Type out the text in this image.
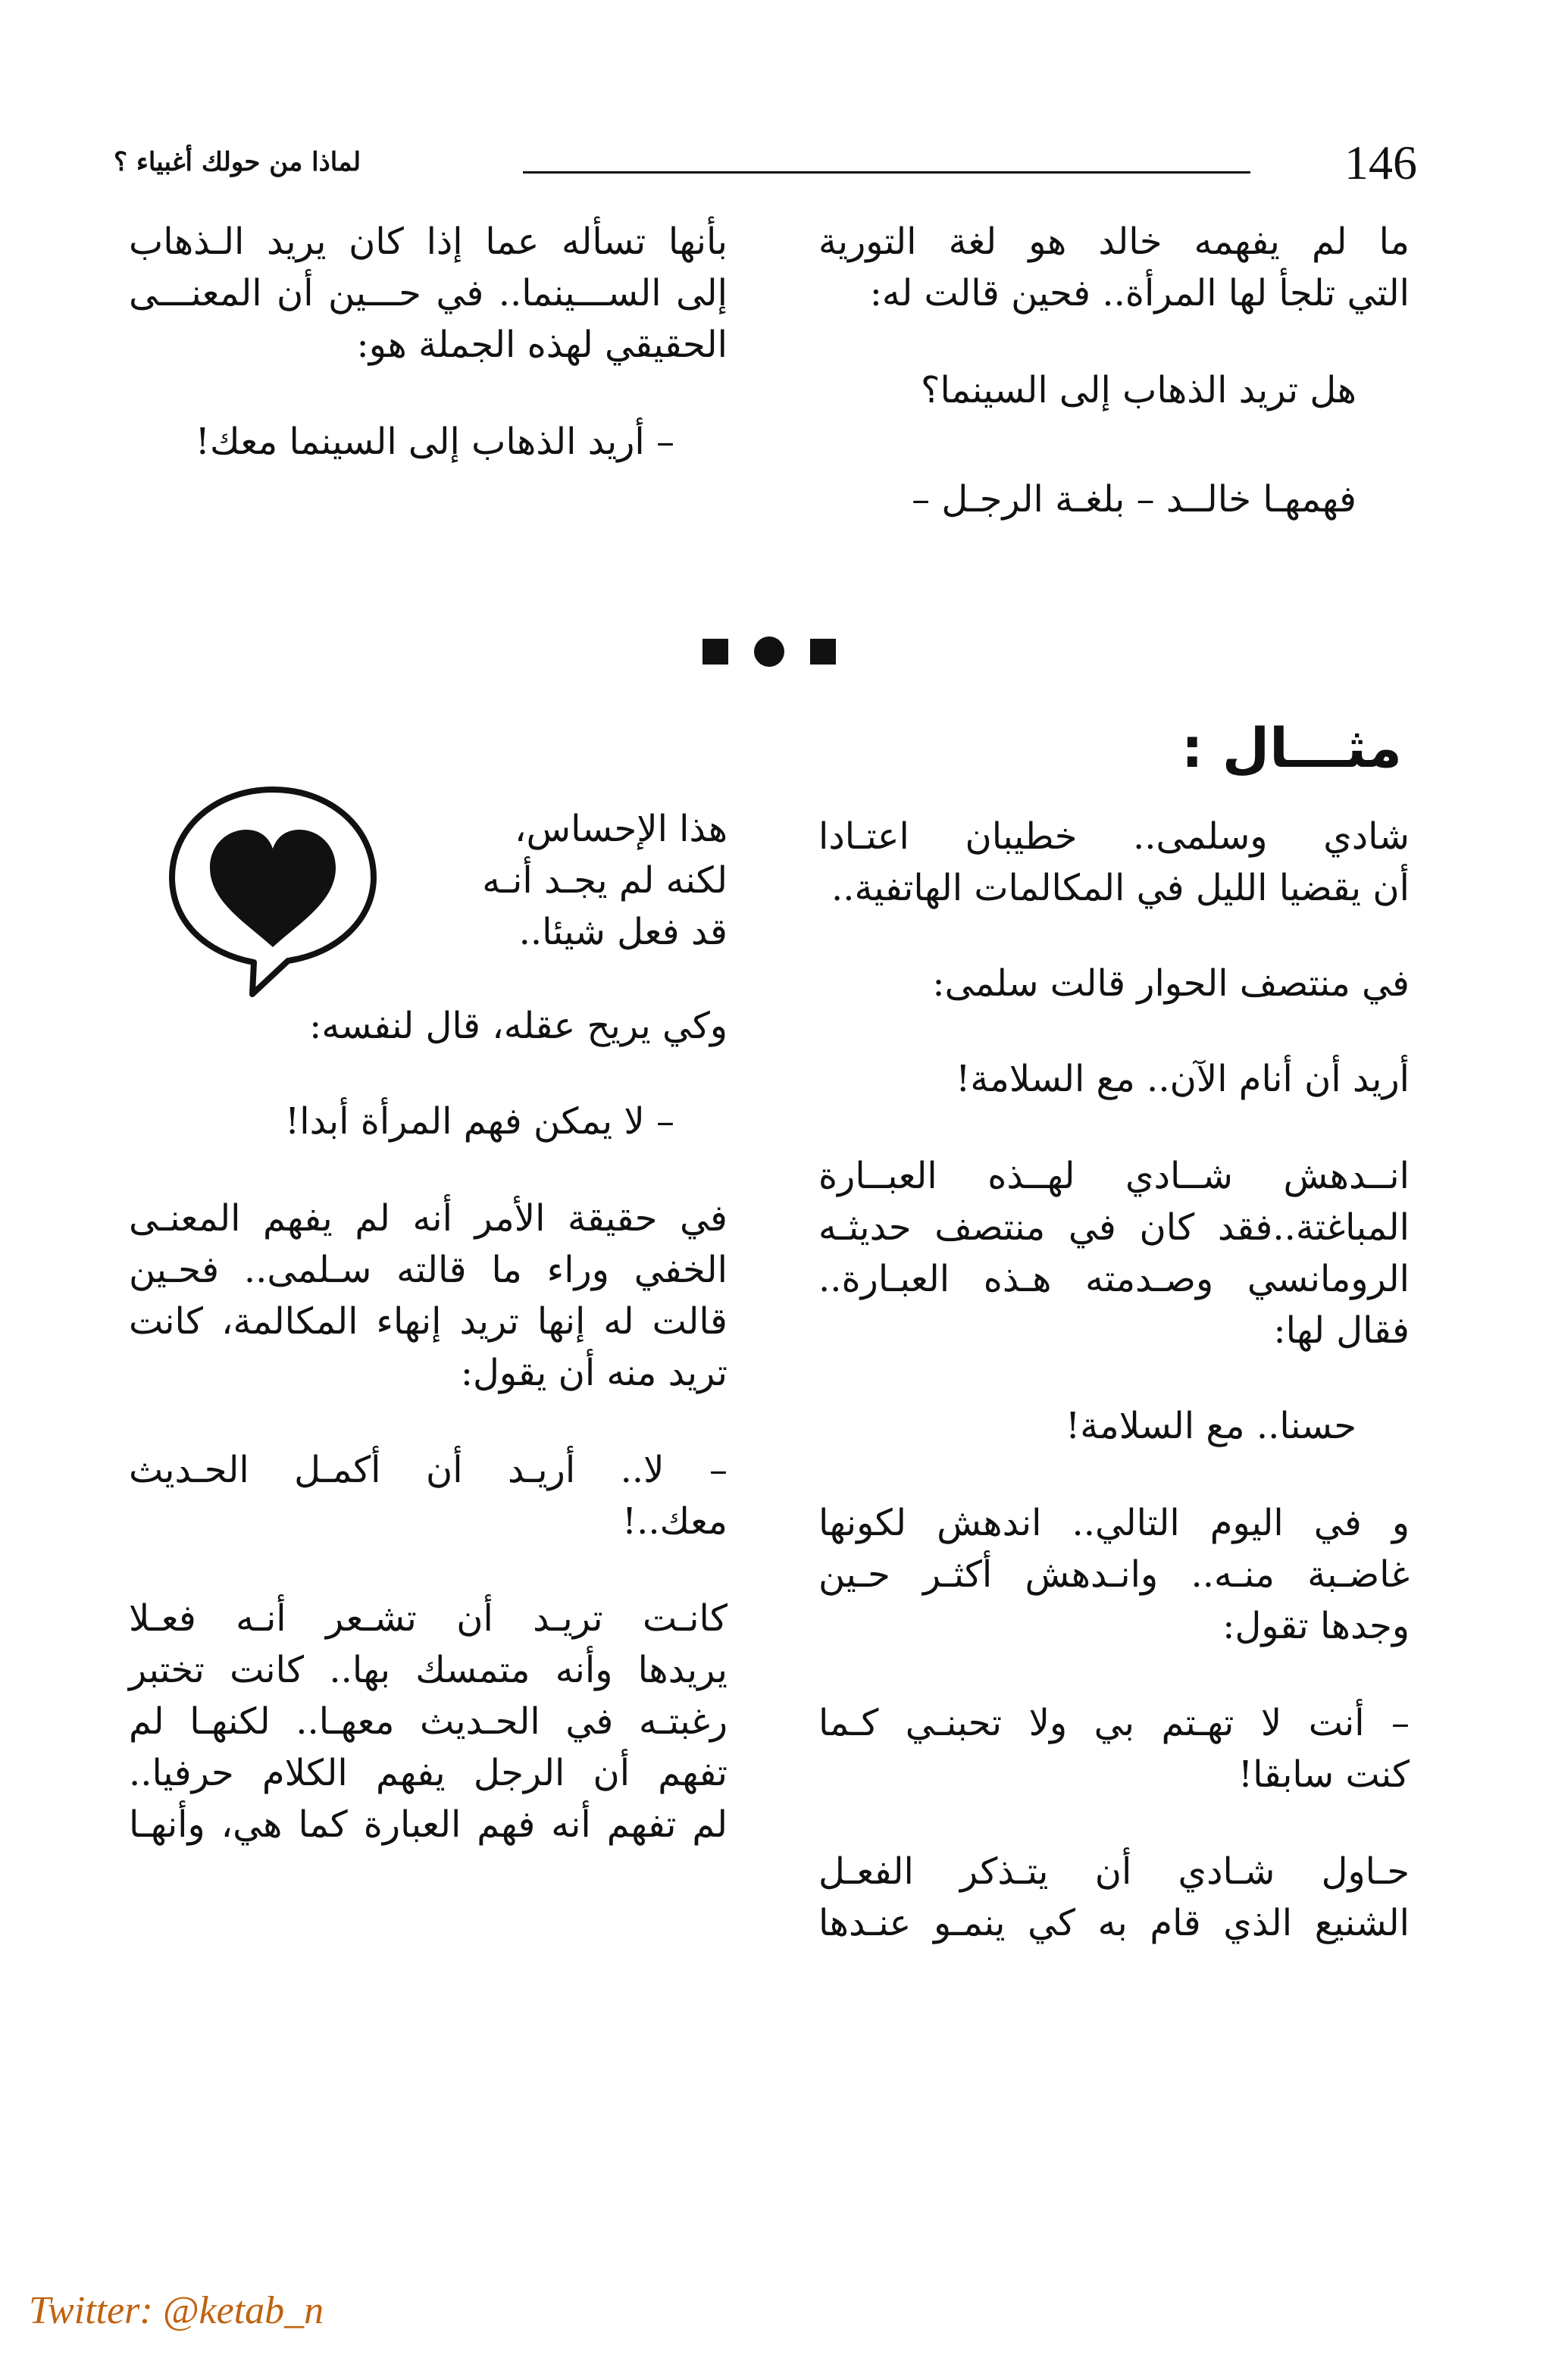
146
لماذا من حولك أغبياء ؟

ما لم يفهمه خالد هو لغة التورية
التي تلجأ لها المرأة.. فحين قالت له:

هل تريد الذهاب إلى السينما؟

فهمهـا خالــد – بلغـة الرجـل –

بأنها تسأله عما إذا كان يريد الـذهاب
إلى الســـينما.. في حـــين أن المعنـــى
الحقيقي لهذه الجملة هو:

– أريد الذهاب إلى السينما معك!

مثـــال :

شادي وسلمى.. خطيبان اعتـادا
أن يقضيا الليل في المكالمات الهاتفية..

في منتصف الحوار قالت سلمى:

أريد أن أنام الآن.. مع السلامة!

انــدهش شــادي لهــذه العبــارة
المباغتة..فقد كان في منتصف حديثـه
الرومانسي وصـدمته هـذه العبـارة..
فقال لها:

حسنا.. مع السلامة!

و في اليوم التالي.. اندهش لكونها
غاضـبة منـه.. وانـدهش أكثـر حـين
وجدها تقول:

– أنت لا تهـتم بي ولا تحبنـي كـما
كنت سابقا!

حـاول شـادي أن يتـذكر الفعـل
الشنيع الذي قام به كي ينمـو عنـدها

هذا الإحساس،
لكنه لم يجـد أنـه
قد فعل شيئا..

وكي يريح عقله، قال لنفسه:

– لا يمكن فهم المرأة أبدا!

في حقيقة الأمر أنه لم يفهم المعنـى
الخفي وراء ما قالته سـلمى.. فحـين
قالت له إنها تريد إنهاء المكالمة، كانت
تريد منه أن يقول:

– لا.. أريـد أن أكمـل الحـديث
معك..!

كانـت تريـد أن تشـعر أنـه فعـلا
يريدها وأنه متمسك بها.. كانت تختبر
رغبتـه في الحـديث معهـا.. لكنهـا لم
تفهم أن الرجل يفهم الكلام حرفيا..
لم تفهم أنه فهم العبارة كما هي، وأنهـا

Twitter: @ketab_n
